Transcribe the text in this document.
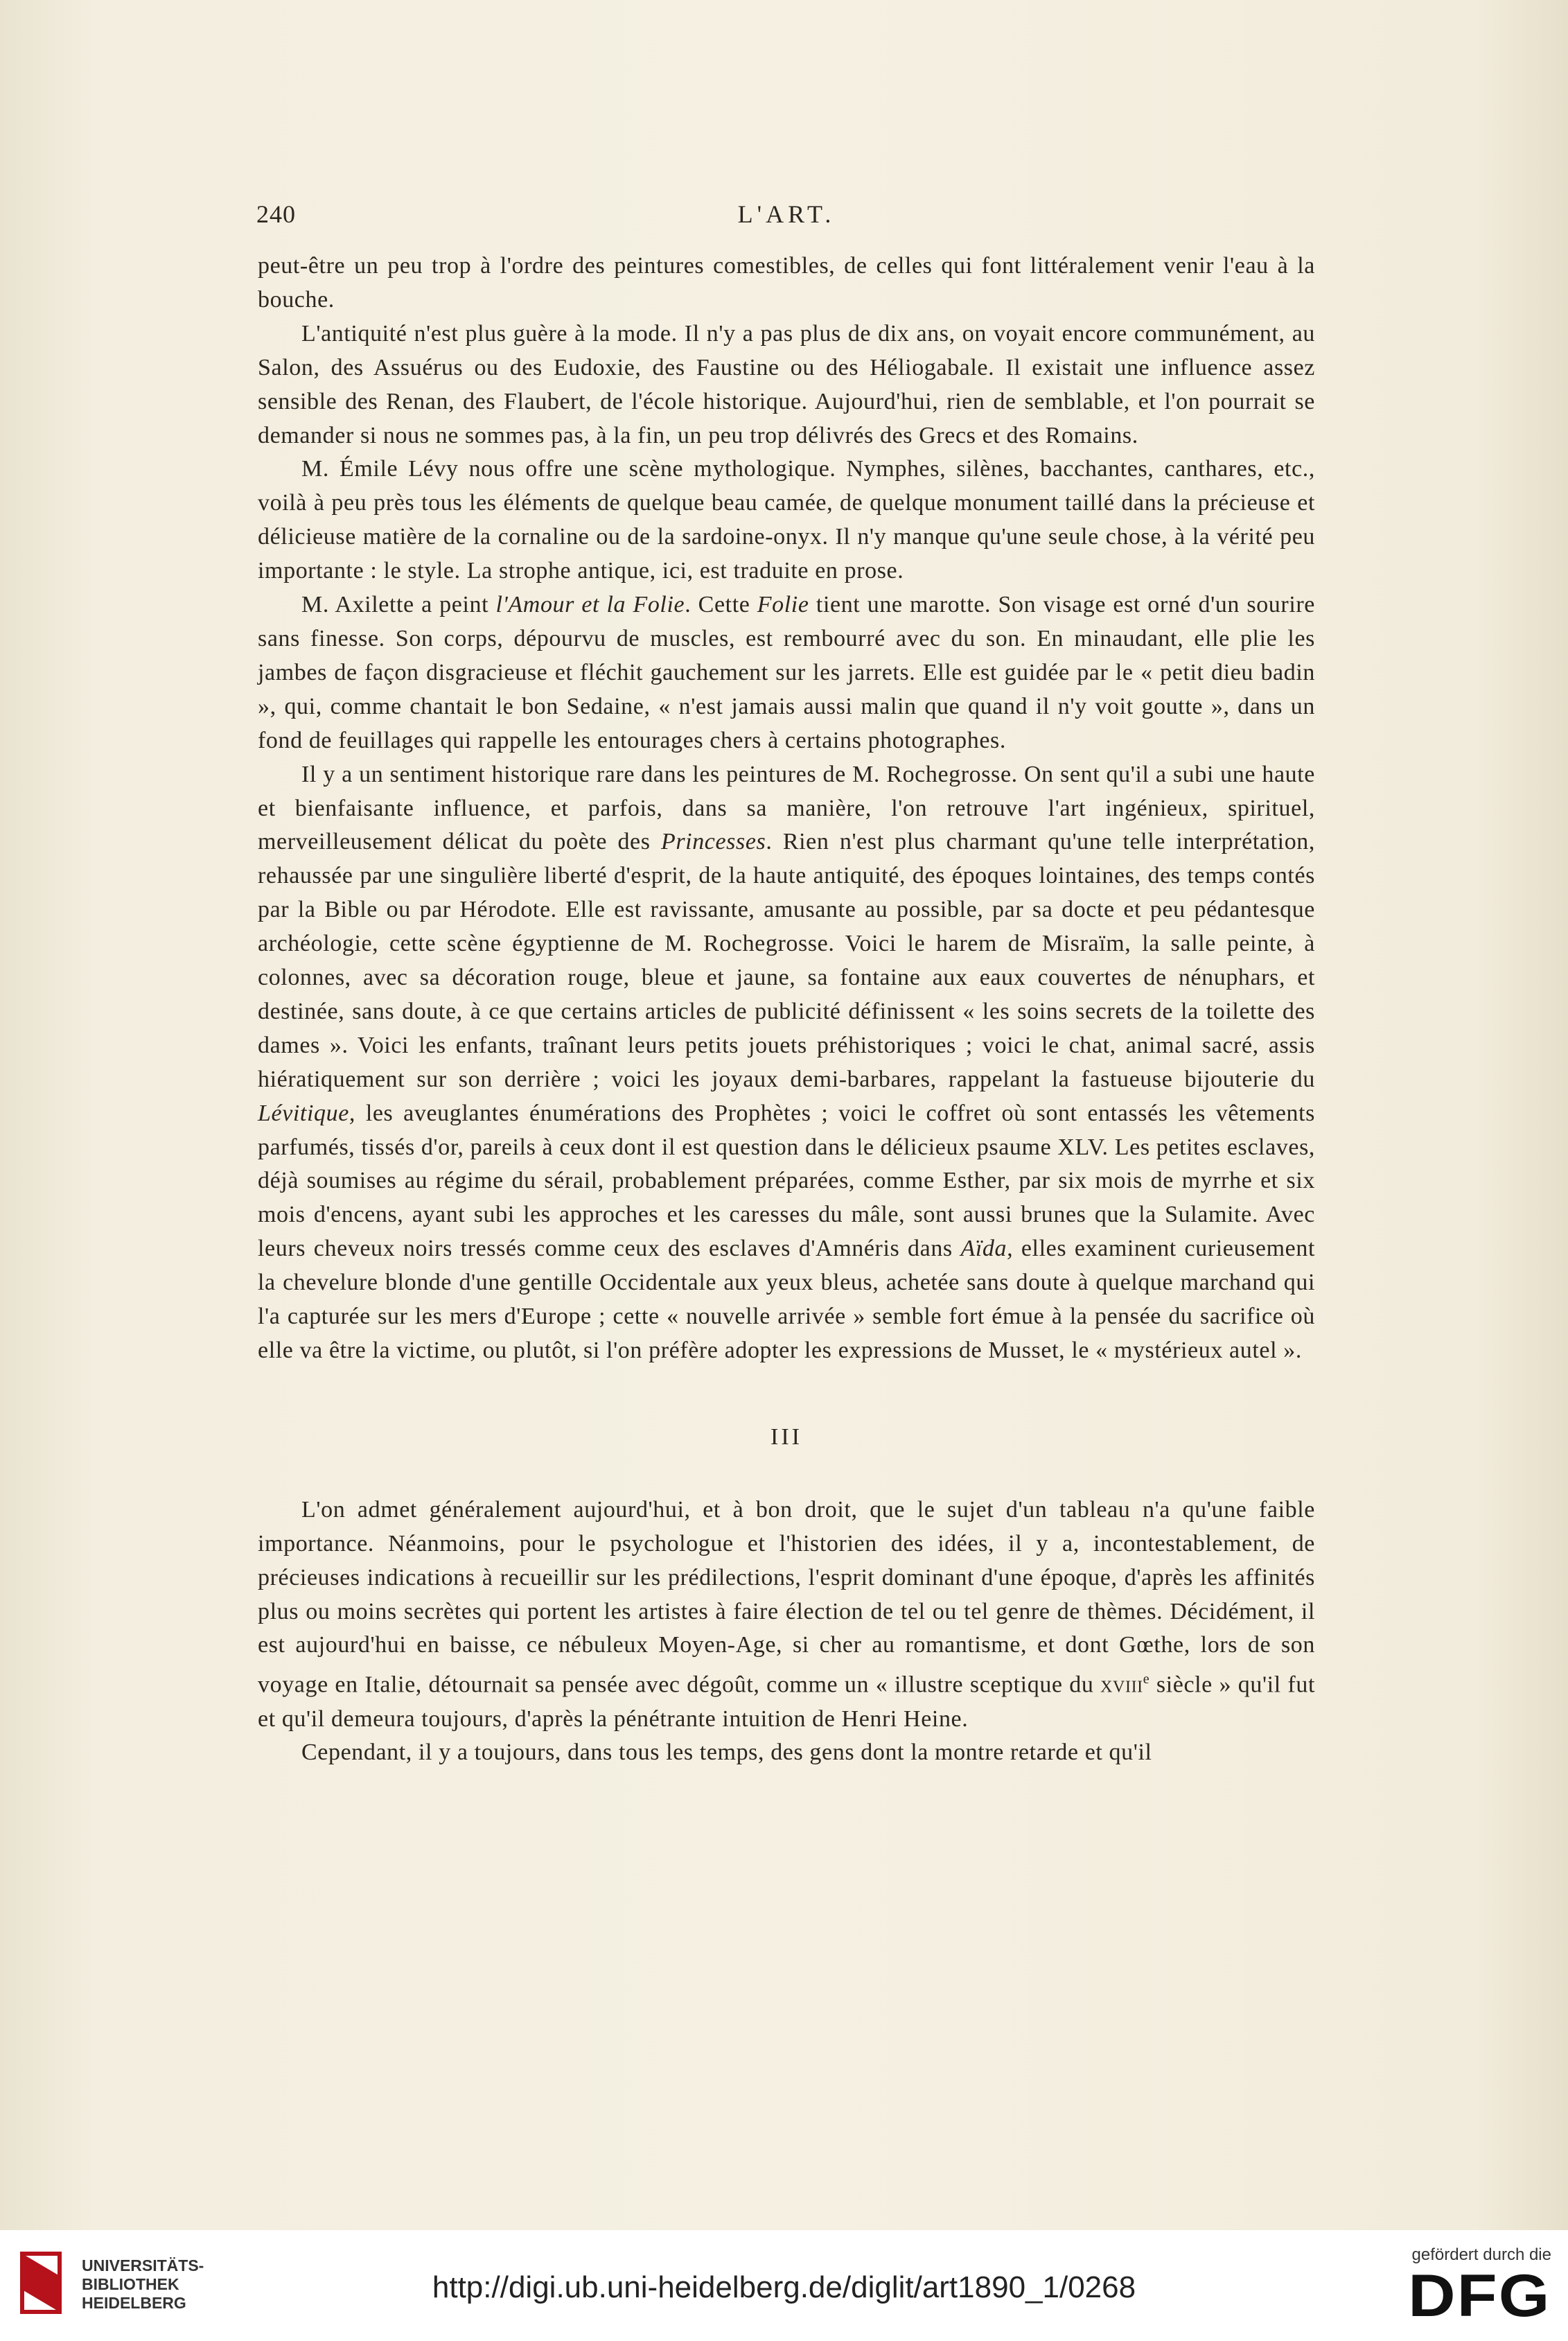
240	L'ART.

peut-être un peu trop à l'ordre des peintures comestibles, de celles qui font littéralement venir l'eau à la bouche.

L'antiquité n'est plus guère à la mode. Il n'y a pas plus de dix ans, on voyait encore communément, au Salon, des Assuérus ou des Eudoxie, des Faustine ou des Héliogabale. Il existait une influence assez sensible des Renan, des Flaubert, de l'école historique. Aujourd'hui, rien de semblable, et l'on pourrait se demander si nous ne sommes pas, à la fin, un peu trop délivrés des Grecs et des Romains.

M. Émile Lévy nous offre une scène mythologique. Nymphes, silènes, bacchantes, canthares, etc., voilà à peu près tous les éléments de quelque beau camée, de quelque monument taillé dans la précieuse et délicieuse matière de la cornaline ou de la sardoine-onyx. Il n'y manque qu'une seule chose, à la vérité peu importante : le style. La strophe antique, ici, est traduite en prose.

M. Axilette a peint l'Amour et la Folie. Cette Folie tient une marotte. Son visage est orné d'un sourire sans finesse. Son corps, dépourvu de muscles, est rembourré avec du son. En minaudant, elle plie les jambes de façon disgracieuse et fléchit gauchement sur les jarrets. Elle est guidée par le « petit dieu badin », qui, comme chantait le bon Sedaine, « n'est jamais aussi malin que quand il n'y voit goutte », dans un fond de feuillages qui rappelle les entourages chers à certains photographes.

Il y a un sentiment historique rare dans les peintures de M. Rochegrosse. On sent qu'il a subi une haute et bienfaisante influence, et parfois, dans sa manière, l'on retrouve l'art ingénieux, spirituel, merveilleusement délicat du poète des Princesses. Rien n'est plus charmant qu'une telle interprétation, rehaussée par une singulière liberté d'esprit, de la haute antiquité, des époques lointaines, des temps contés par la Bible ou par Hérodote. Elle est ravissante, amusante au possible, par sa docte et peu pédantesque archéologie, cette scène égyptienne de M. Rochegrosse. Voici le harem de Misraïm, la salle peinte, à colonnes, avec sa décoration rouge, bleue et jaune, sa fontaine aux eaux couvertes de nénuphars, et destinée, sans doute, à ce que certains articles de publicité définissent « les soins secrets de la toilette des dames ». Voici les enfants, traînant leurs petits jouets préhistoriques ; voici le chat, animal sacré, assis hiératiquement sur son derrière ; voici les joyaux demi-barbares, rappelant la fastueuse bijouterie du Lévitique, les aveuglantes énumérations des Prophètes ; voici le coffret où sont entassés les vêtements parfumés, tissés d'or, pareils à ceux dont il est question dans le délicieux psaume XLV. Les petites esclaves, déjà soumises au régime du sérail, probablement préparées, comme Esther, par six mois de myrrhe et six mois d'encens, ayant subi les approches et les caresses du mâle, sont aussi brunes que la Sulamite. Avec leurs cheveux noirs tressés comme ceux des esclaves d'Amnéris dans Aïda, elles examinent curieusement la chevelure blonde d'une gentille Occidentale aux yeux bleus, achetée sans doute à quelque marchand qui l'a capturée sur les mers d'Europe ; cette « nouvelle arrivée » semble fort émue à la pensée du sacrifice où elle va être la victime, ou plutôt, si l'on préfère adopter les expressions de Musset, le « mystérieux autel ».

III

L'on admet généralement aujourd'hui, et à bon droit, que le sujet d'un tableau n'a qu'une faible importance. Néanmoins, pour le psychologue et l'historien des idées, il y a, incontestablement, de précieuses indications à recueillir sur les prédilections, l'esprit dominant d'une époque, d'après les affinités plus ou moins secrètes qui portent les artistes à faire élection de tel ou tel genre de thèmes. Décidément, il est aujourd'hui en baisse, ce nébuleux Moyen-Age, si cher au romantisme, et dont Gœthe, lors de son voyage en Italie, détournait sa pensée avec dégoût, comme un « illustre sceptique du xviii$^e$ siècle » qu'il fut et qu'il demeura toujours, d'après la pénétrante intuition de Henri Heine.

Cependant, il y a toujours, dans tous les temps, des gens dont la montre retarde et qu'il

UNIVERSITÄTS-
BIBLIOTHEK
HEIDELBERG	http://digi.ub.uni-heidelberg.de/diglit/art1890_1/0268
gefördert durch die
DFG
